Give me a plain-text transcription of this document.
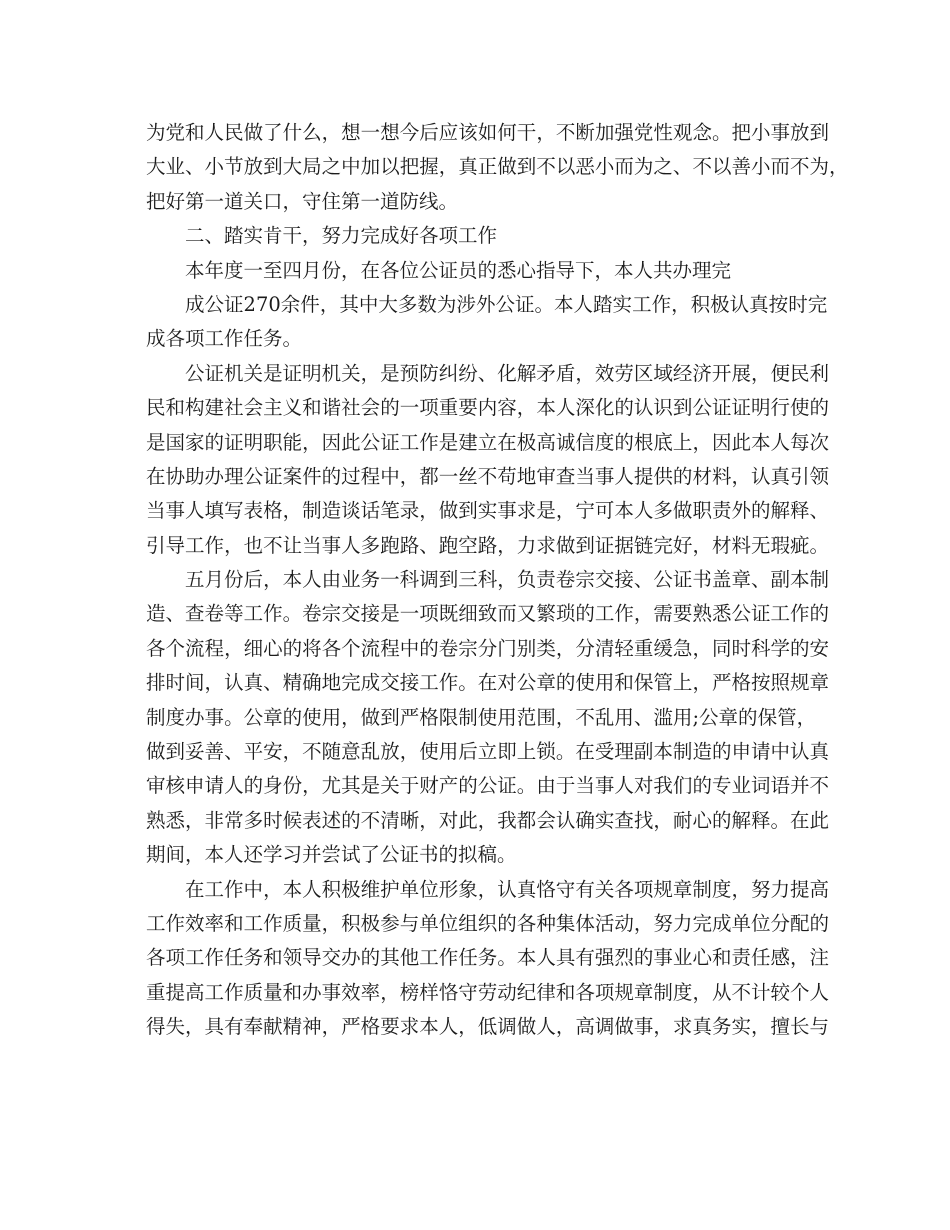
为 党 和 人 民 做 了 什 么 ， 想 一 想 今 后 应 该 如 何 干 ， 不 断 加 强 党 性 观 念 。 把 小 事 放 到
大 业 、 小 节 放 到 大 局 之 中 加 以 把 握 ， 真 正 做 到 不 以 恶 小 而 为 之 、 不 以 善 小 而 不 为 ，
把好第一道关口，守住第一道防线。
二、踏实肯干，努力完成好各项工作
本年度一至四月份，在各位公证员的悉心指导下，本人共办理完
成 公 证 270 余 件 ， 其 中 大 多 数 为 涉 外 公 证 。 本 人 踏 实 工 作 ， 积 极 认 真 按 时 完
成各项工作任务。
公 证 机 关 是 证 明 机 关 ， 是 预 防 纠 纷 、 化 解 矛 盾 ， 效 劳 区 域 经 济 开 展 ， 便 民 利
民 和 构 建 社 会 主 义 和 谐 社 会 的 一 项 重 要 内 容 ， 本 人 深 化 的 认 识 到 公 证 证 明 行 使 的
是 国 家 的 证 明 职 能 ， 因 此 公 证 工 作 是 建 立 在 极 高 诚 信 度 的 根 底 上 ， 因 此 本 人 每 次
在 协 助 办 理 公 证 案 件 的 过 程 中 ， 都 一 丝 不 苟 地 审 查 当 事 人 提 供 的 材 料 ， 认 真 引 领
当 事 人 填 写 表 格 ， 制 造 谈 话 笔 录 ， 做 到 实 事 求 是 ， 宁 可 本 人 多 做 职 责 外 的 解 释 、
引 导 工 作 ， 也 不 让 当 事 人 多 跑 路 、 跑 空 路 ， 力 求 做 到 证 据 链 完 好 ， 材 料 无 瑕 疵 。
五 月 份 后 ， 本 人 由 业 务 一 科 调 到 三 科 ， 负 责 卷 宗 交 接 、 公 证 书 盖 章 、 副 本 制
造 、 查 卷 等 工 作 。 卷 宗 交 接 是 一 项 既 细 致 而 又 繁 琐 的 工 作 ， 需 要 熟 悉 公 证 工 作 的
各 个 流 程 ， 细 心 的 将 各 个 流 程 中 的 卷 宗 分 门 别 类 ， 分 清 轻 重 缓 急 ， 同 时 科 学 的 安
排 时 间 ， 认 真 、 精 确 地 完 成 交 接 工 作 。 在 对 公 章 的 使 用 和 保 管 上 ， 严 格 按 照 规 章
制 度 办 事 。 公 章 的 使 用 ， 做 到 严 格 限 制 使 用 范 围 ， 不 乱 用 、 滥 用 ; 公 章 的 保 管 ，
做 到 妥 善 、 平 安 ， 不 随 意 乱 放 ， 使 用 后 立 即 上 锁 。 在 受 理 副 本 制 造 的 申 请 中 认 真
审 核 申 请 人 的 身 份 ， 尤 其 是 关 于 财 产 的 公 证 。 由 于 当 事 人 对 我 们 的 专 业 词 语 并 不
熟 悉 ， 非 常 多 时 候 表 述 的 不 清 晰 ， 对 此 ， 我 都 会 认 确 实 查 找 ， 耐 心 的 解 释 。 在 此
期间，本人还学习并尝试了公证书的拟稿。
在 工 作 中 ， 本 人 积 极 维 护 单 位 形 象 ， 认 真 恪 守 有 关 各 项 规 章 制 度 ， 努 力 提 高
工 作 效 率 和 工 作 质 量 ， 积 极 参 与 单 位 组 织 的 各 种 集 体 活 动 ， 努 力 完 成 单 位 分 配 的
各 项 工 作 任 务 和 领 导 交 办 的 其 他 工 作 任 务 。 本 人 具 有 强 烈 的 事 业 心 和 责 任 感 ， 注
重 提 高 工 作 质 量 和 办 事 效 率 ， 榜 样 恪 守 劳 动 纪 律 和 各 项 规 章 制 度 ， 从 不 计 较 个 人
得 失 ， 具 有 奉 献 精 神 ， 严 格 要 求 本 人 ， 低 调 做 人 ， 高 调 做 事 ， 求 真 务 实 ， 擅 长 与
